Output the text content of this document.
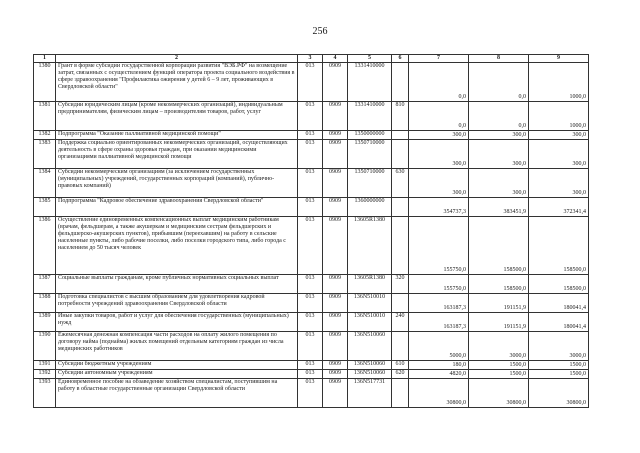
256
1	2	3	4	5	6	7	8	9
1380	Грант в форме субсидии государственной корпорации развития "ВЭБ.РФ" на возмещение затрат, связанных с осуществлением функций оператора проекта социального воздействия в сфере здравоохранения "Профилактика ожирения у детей 6 – 9 лет, проживающих в Свердловской области"	013	0909	1331410000		0,0	0,0	1000,0
1381	Субсидии юридическим лицам (кроме некоммерческих организаций), индивидуальным предпринимателям, физическим лицам – производителям товаров, работ, услуг	013	0909	1331410000	810	0,0	0,0	1000,0
1382	Подпрограмма "Оказание паллиативной медицинской помощи"	013	0909	1350000000		300,0	300,0	300,0
1383	Поддержка социально ориентированных некоммерческих организаций, осуществляющих деятельность в сфере охраны здоровья граждан, при оказании медицинскими организациями паллиативной медицинской помощи	013	0909	1350710000		300,0	300,0	300,0
1384	Субсидии некоммерческим организациям (за исключением государственных (муниципальных) учреждений, государственных корпораций (компаний), публично-правовых компаний)	013	0909	1350710000	630	300,0	300,0	300,0
1385	Подпрограмма "Кадровое обеспечение здравоохранения Свердловской области"	013	0909	1360000000		354737,3	383451,9	372341,4
1386	Осуществление единовременных компенсационных выплат медицинским работникам (врачам, фельдшерам, а также акушеркам и медицинским сестрам фельдшерских и фельдшерско-акушерских пунктов), прибывшим (переехавшим) на работу в сельские населенные пункты, либо рабочие поселки, либо поселки городского типа, либо города с населением до 50 тысяч человек	013	0909	13605R1380		155750,0	158500,0	158500,0
1387	Социальные выплаты гражданам, кроме публичных нормативных социальных выплат	013	0909	13605R1380	320	155750,0	158500,0	158500,0
1388	Подготовка специалистов с высшим образованием для удовлетворения кадровой потребности учреждений здравоохранения Свердловской области	013	0909	136N510010		163187,3	191151,9	180041,4
1389	Иные закупки товаров, работ и услуг для обеспечения государственных (муниципальных) нужд	013	0909	136N510010	240	163187,3	191151,9	180041,4
1390	Ежемесячная денежная компенсация части расходов на оплату жилого помещения по договору найма (поднайма) жилых помещений отдельным категориям граждан из числа медицинских работников	013	0909	136N510060		5000,0	3000,0	3000,0
1391	Субсидии бюджетным учреждениям	013	0909	136N510060	610	180,0	1500,0	1500,0
1392	Субсидии автономным учреждениям	013	0909	136N510060	620	4820,0	1500,0	1500,0
1393	Единовременное пособие на обзаведение хозяйством специалистам, поступившим на работу в областные государственные организации Свердловской области	013	0909	136N517731		30800,0	30800,0	30800,0
